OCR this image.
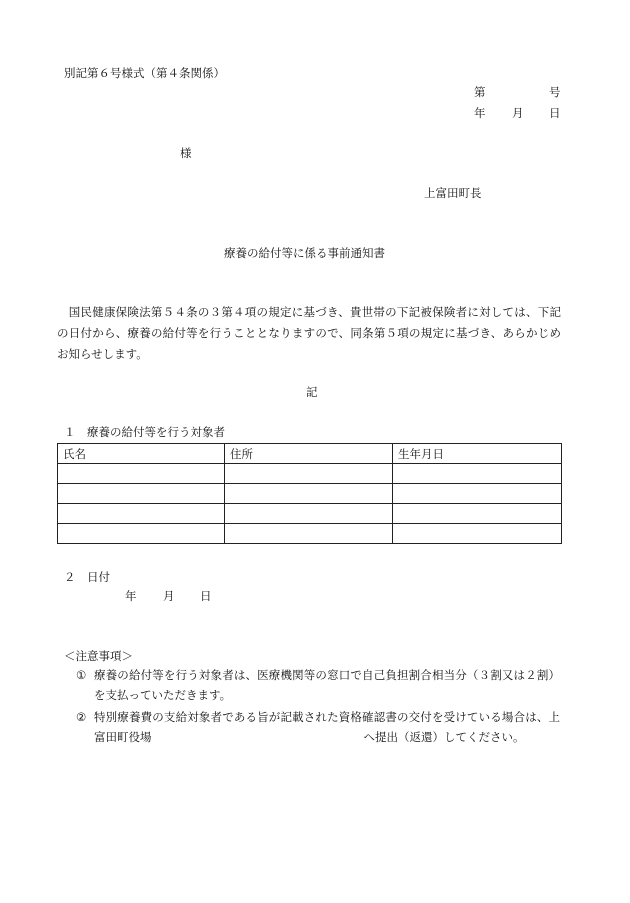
別記第６号様式（第４条関係）
第	号
年 月 日
様
上富田町長
療養の給付等に係る事前通知書
　国民健康保険法第５４条の３第４項の規定に基づき、貴世帯の下記被保険者に対しては、下記の日付から、療養の給付等を行うこととなりますので、同条第５項の規定に基づき、あらかじめお知らせします。
記
１　療養の給付等を行う対象者
氏名	住所	生年月日

２　日付
年 月 日
＜注意事項＞
① 療養の給付等を行う対象者は、医療機関等の窓口で自己負担割合相当分（３割又は２割）を支払っていただきます。
② 特別療養費の支給対象者である旨が記載された資格確認書の交付を受けている場合は、上富田町役場	へ提出（返還）してください。
